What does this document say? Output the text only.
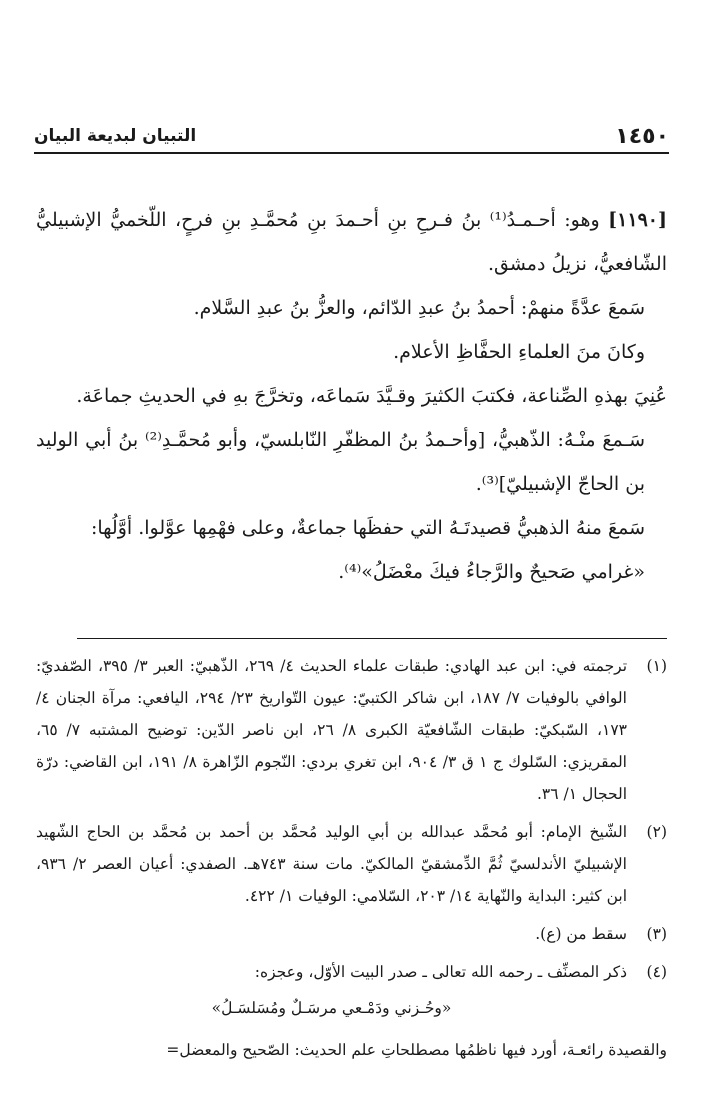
١٤٥٠
التبيان لبديعة البيان

[١١٩٠] وهو: أحـمـدُ⁽¹⁾ بنُ فـرحِ بنِ أحـمدَ بنِ مُحمَّـدِ بنِ فرحٍ، اللّخميُّ الإشبيليُّ الشّافعيُّ، نزيلُ دمشق.

سَمعَ عدَّةً منهمْ: أحمدُ بنُ عبدِ الدّائم، والعزُّ بنُ عبدِ السَّلام.

وكانَ منَ العلماءِ الحفَّاظِ الأعلام.

عُنِيَ بهذهِ الصِّناعة، فكتبَ الكثيرَ وقـيَّدَ سَماعَه، وتخرَّجَ بهِ في الحديثِ جماعَة.

سَـمعَ منْـهُ: الذّهبيُّ، [وأحـمدُ بنُ المظفّرِ النّابلسيّ، وأبو مُحمَّـدِ⁽²⁾ بنُ أبي الوليد بن الحاجّ الإشبيليّ]⁽³⁾.

سَمعَ منهُ الذهبيُّ قصيدتَـهُ التي حفظَها جماعةٌ، وعلى فهْمِها عوَّلوا. أوَّلُها:

«غرامي صَحيحٌ والرَّجاءُ فيكَ معْضَلُ»⁽⁴⁾.

(١)
ترجمته في: ابن عبد الهادي: طبقات علماء الحديث ٤/ ٢٦٩، الذّهبيّ: العبر ٣/ ٣٩٥، الصّفديّ: الوافي بالوفيات ٧/ ١٨٧، ابن شاكر الكتبيّ: عيون التّواريخ ٢٣/ ٢٩٤، اليافعي: مرآة الجنان ٤/ ١٧٣، السّبكيّ: طبقات الشّافعيّة الكبرى ٨/ ٢٦، ابن ناصر الدّين: توضيح المشتبه ٧/ ٦٥، المقريزي: السّلوك ج ١ ق ٣/ ٩٠٤، ابن تغري بردي: النّجوم الزّاهرة ٨/ ١٩١، ابن القاضي: درّة الحجال ١/ ٣٦.
(٢)
الشّيخ الإمام: أبو مُحمَّد عبدالله بن أبي الوليد مُحمَّد بن أحمد بن مُحمَّد بن الحاج الشّهيد الإشبيليّ الأندلسيّ ثُمَّ الدِّمشقيّ المالكيّ. مات سنة ٧٤٣هـ. الصفدي: أعيان العصر ٢/ ٩٣٦، ابن كثير: البداية والنّهاية ١٤/ ٢٠٣، السّلامي: الوفيات ١/ ٤٢٢.
(٣)
سقط من (ع).
(٤)
ذكر المصنِّف ـ رحمه الله تعالى ـ صدر البيت الأوّل، وعجزه:
«وحُـزني ودَمْـعي مرسَـلٌ ومُسَلسَـلُ»
والقصيدة رائعـة، أورد فيها ناظمُها مصطلحاتِ علم الحديث: الصّحيح والمعضل=
